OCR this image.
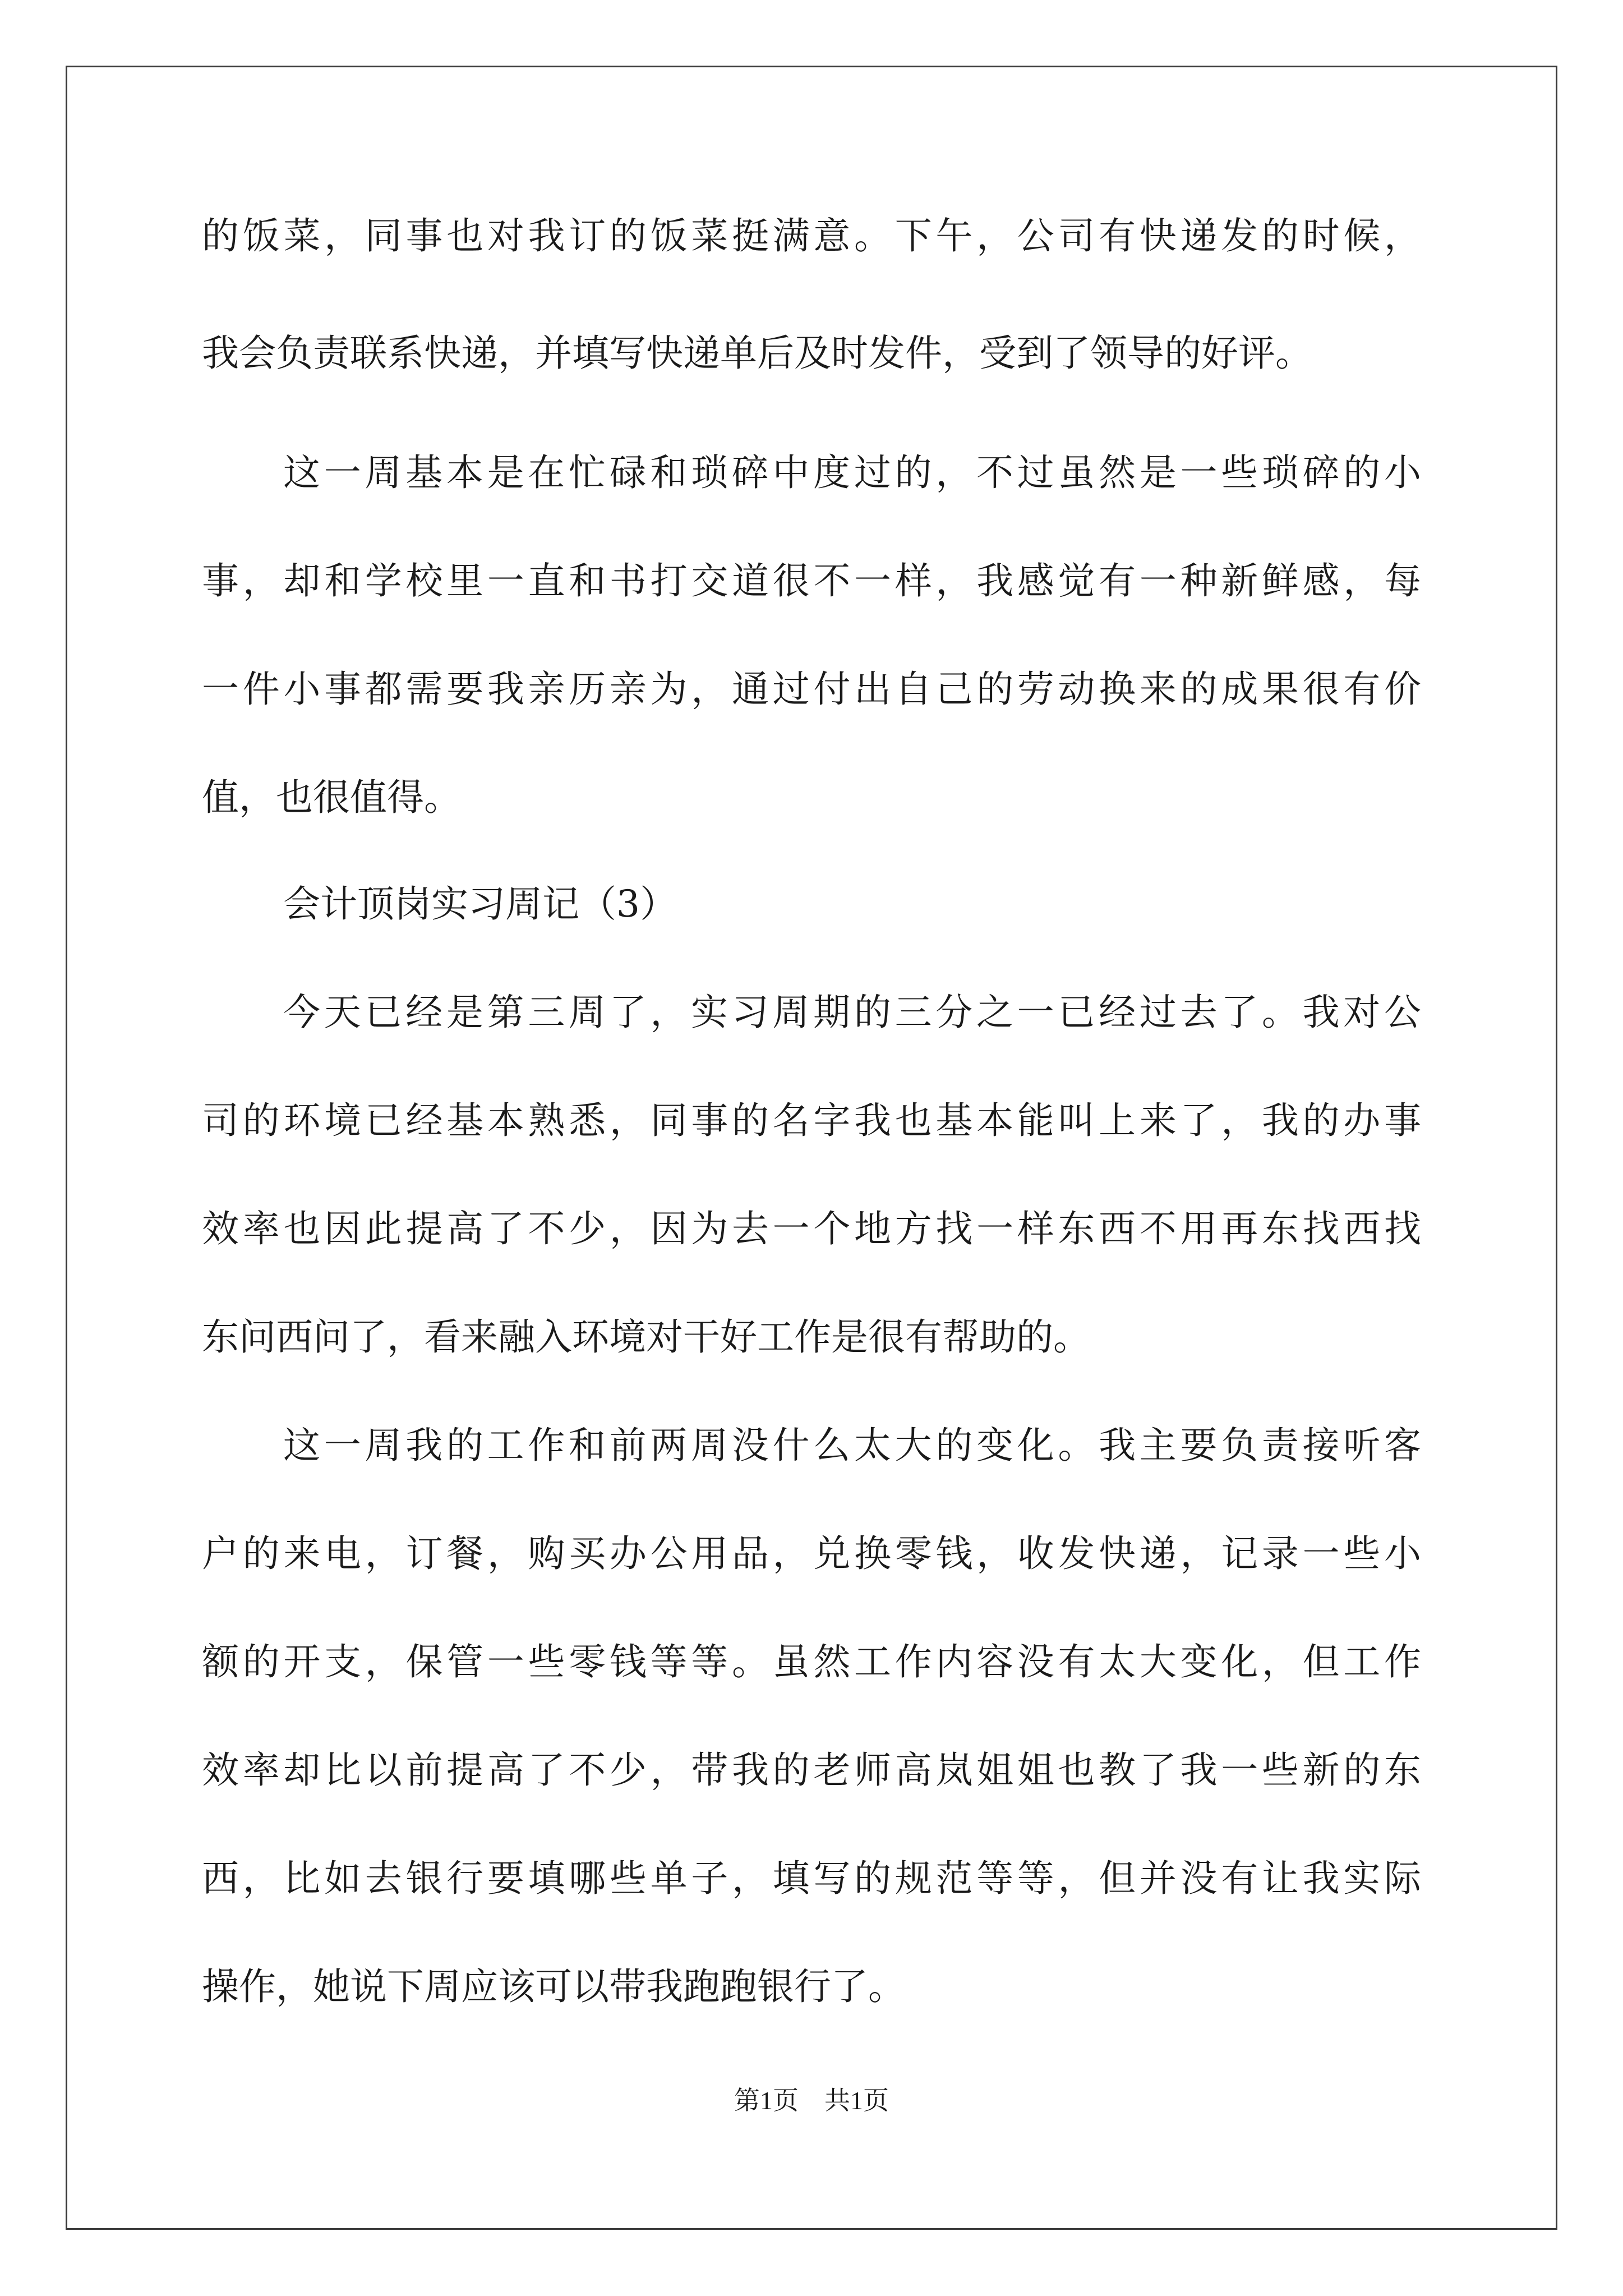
的饭菜，同事也对我订的饭菜挺满意。下午，公司有快递发的时候，
我会负责联系快递，并填写快递单后及时发件，受到了领导的好评。
这一周基本是在忙碌和琐碎中度过的，不过虽然是一些琐碎的小
事，却和学校里一直和书打交道很不一样，我感觉有一种新鲜感，每
一件小事都需要我亲历亲为，通过付出自己的劳动换来的成果很有价
值，也很值得。
会计顶岗实习周记（3）
今天已经是第三周了，实习周期的三分之一已经过去了。我对公
司的环境已经基本熟悉，同事的名字我也基本能叫上来了，我的办事
效率也因此提高了不少，因为去一个地方找一样东西不用再东找西找
东问西问了，看来融入环境对干好工作是很有帮助的。
这一周我的工作和前两周没什么太大的变化。我主要负责接听客
户的来电，订餐，购买办公用品，兑换零钱，收发快递，记录一些小
额的开支，保管一些零钱等等。虽然工作内容没有太大变化，但工作
效率却比以前提高了不少，带我的老师高岚姐姐也教了我一些新的东
西，比如去银行要填哪些单子，填写的规范等等，但并没有让我实际
操作，她说下周应该可以带我跑跑银行了。
第1页　共1页
